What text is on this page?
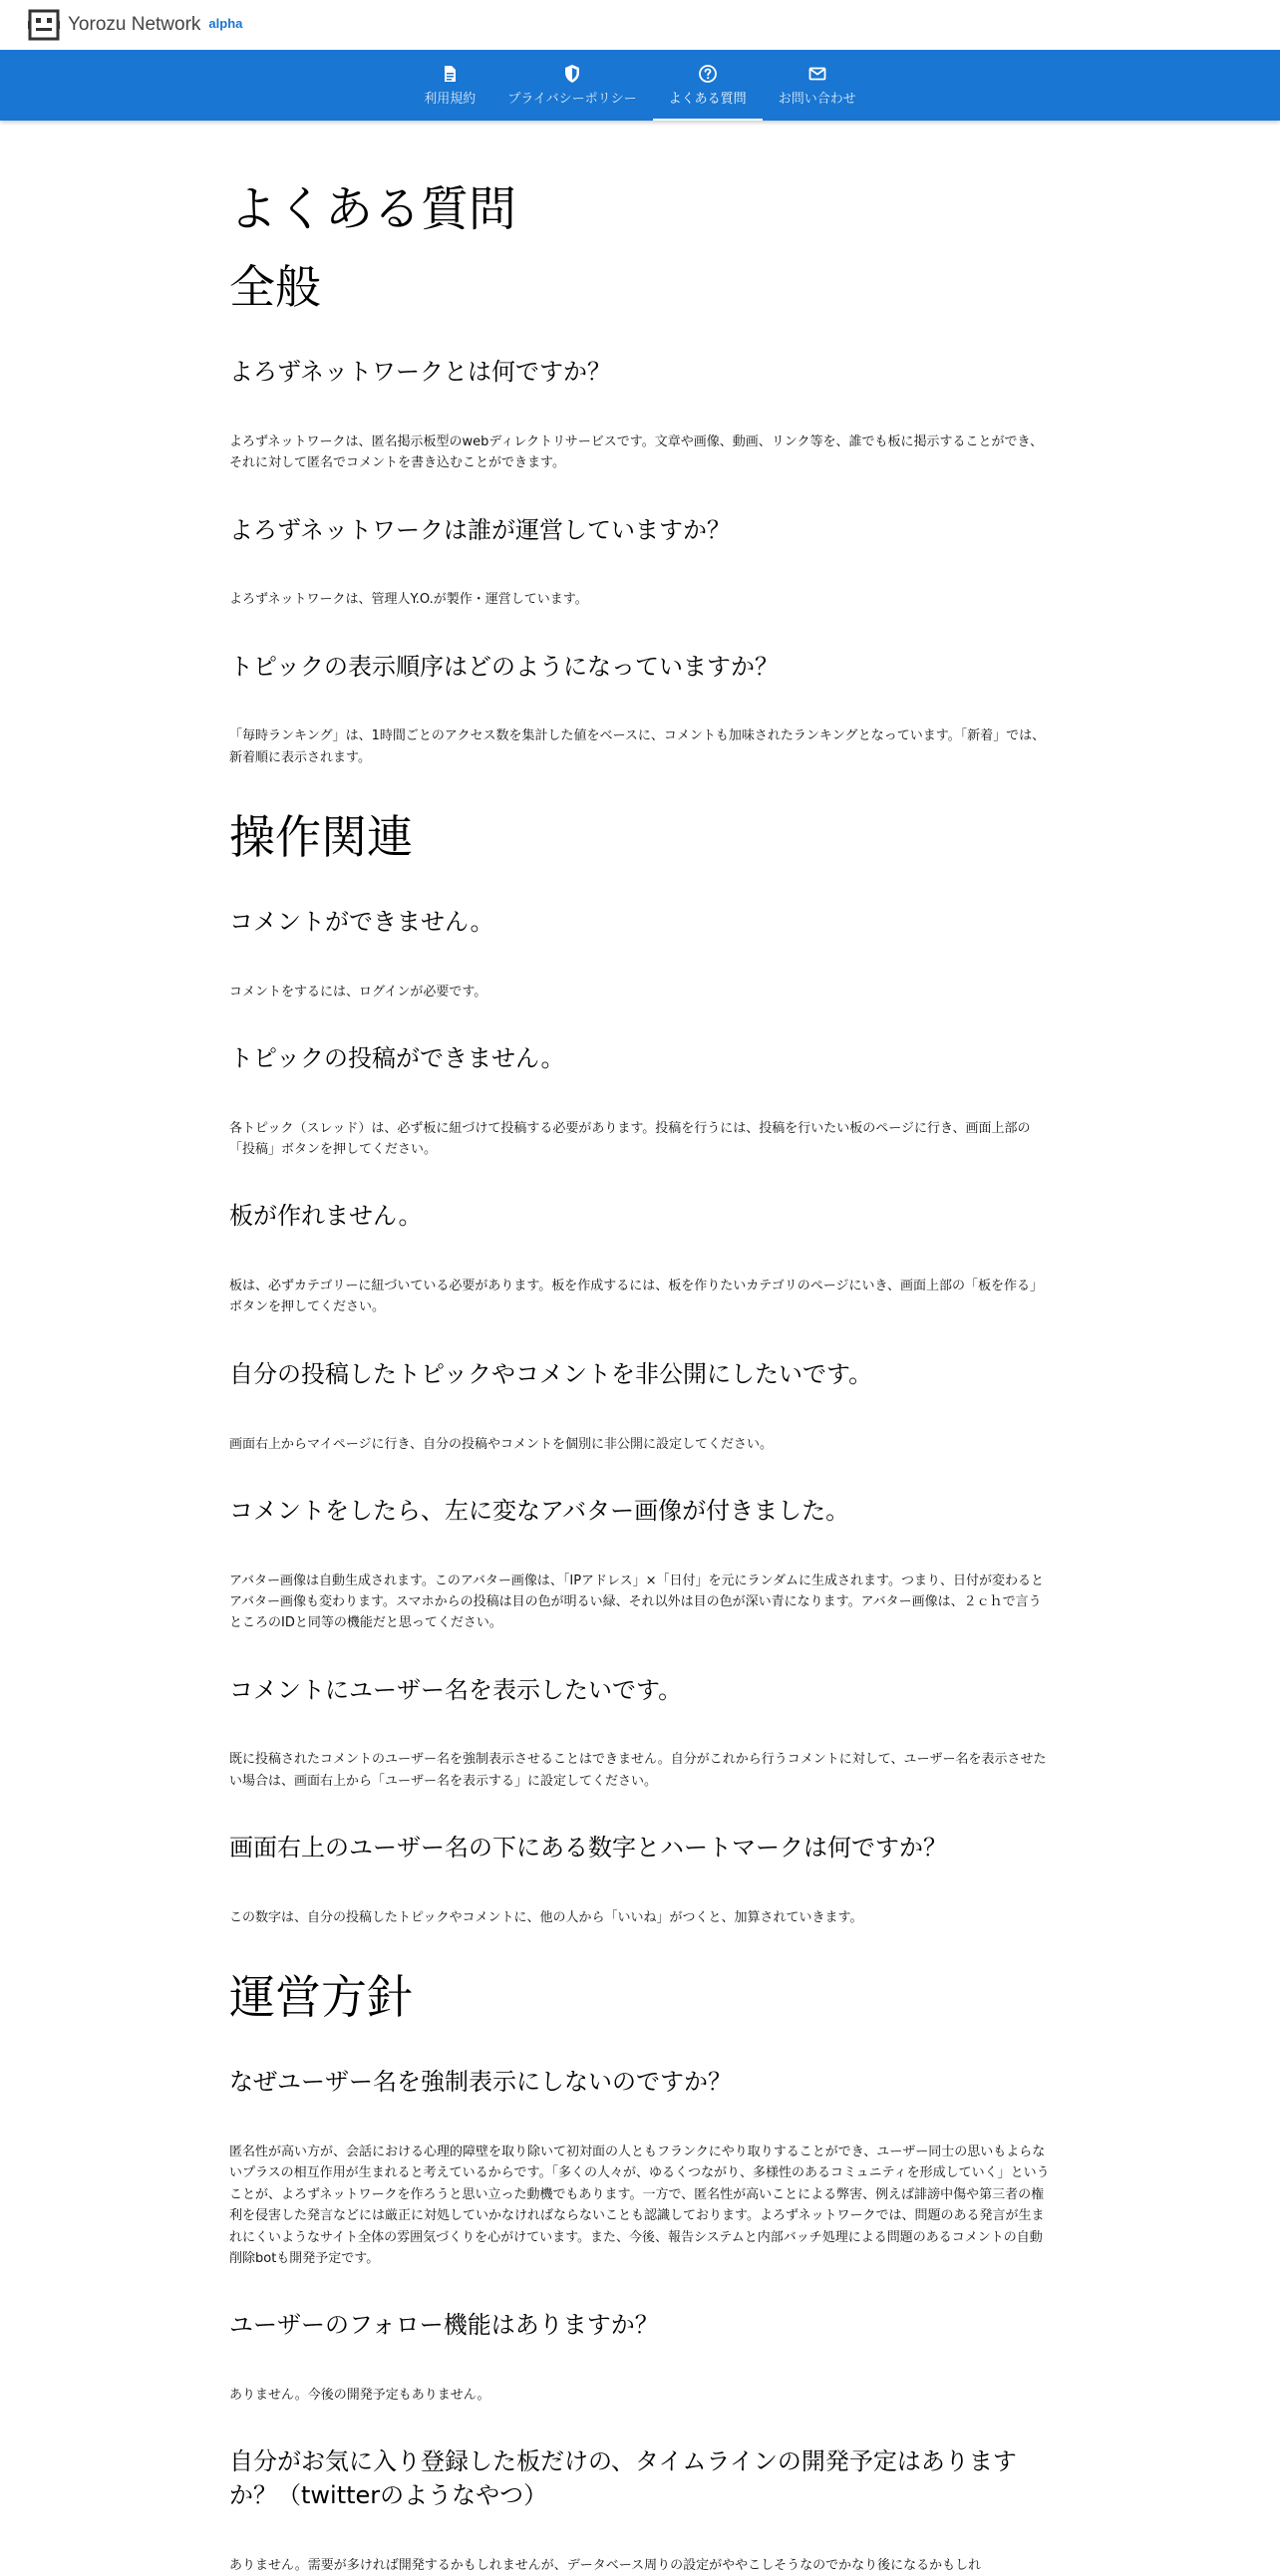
Yorozu Network alpha
利用規約 プライバシーポリシー よくある質問 お問い合わせ
よくある質問
全般
よろずネットワークとは何ですか？

よろずネットワークは、匿名掲示板型のwebディレクトリサービスです。文章や画像、動画、リンク等を、誰でも板に掲示することができ、それに対して匿名でコメントを書き込むことができます。

よろずネットワークは誰が運営していますか？

よろずネットワークは、管理人Y.O.が製作・運営しています。

トピックの表示順序はどのようになっていますか？

「毎時ランキング」は、1時間ごとのアクセス数を集計した値をベースに、コメントも加味されたランキングとなっています。「新着」では、新着順に表示されます。

操作関連
コメントができません。

コメントをするには、ログインが必要です。

トピックの投稿ができません。

各トピック（スレッド）は、必ず板に紐づけて投稿する必要があります。投稿を行うには、投稿を行いたい板のページに行き、画面上部の「投稿」ボタンを押してください。

板が作れません。

板は、必ずカテゴリーに紐づいている必要があります。板を作成するには、板を作りたいカテゴリのページにいき、画面上部の「板を作る」ボタンを押してください。

自分の投稿したトピックやコメントを非公開にしたいです。

画面右上からマイページに行き、自分の投稿やコメントを個別に非公開に設定してください。

コメントをしたら、左に変なアバター画像が付きました。

アバター画像は自動生成されます。このアバター画像は、「IPアドレス」×「日付」を元にランダムに生成されます。つまり、日付が変わるとアバター画像も変わります。スマホからの投稿は目の色が明るい緑、それ以外は目の色が深い青になります。アバター画像は、２ｃｈで言うところのIDと同等の機能だと思ってください。

コメントにユーザー名を表示したいです。

既に投稿されたコメントのユーザー名を強制表示させることはできません。自分がこれから行うコメントに対して、ユーザー名を表示させたい場合は、画面右上から「ユーザー名を表示する」に設定してください。

画面右上のユーザー名の下にある数字とハートマークは何ですか？

この数字は、自分の投稿したトピックやコメントに、他の人から「いいね」がつくと、加算されていきます。

運営方針
なぜユーザー名を強制表示にしないのですか？

匿名性が高い方が、会話における心理的障壁を取り除いて初対面の人ともフランクにやり取りすることができ、ユーザー同士の思いもよらないプラスの相互作用が生まれると考えているからです。「多くの人々が、ゆるくつながり、多様性のあるコミュニティを形成していく」ということが、よろずネットワークを作ろうと思い立った動機でもあります。一方で、匿名性が高いことによる弊害、例えば誹謗中傷や第三者の権利を侵害した発言などには厳正に対処していかなければならないことも認識しております。よろずネットワークでは、問題のある発言が生まれにくいようなサイト全体の雰囲気づくりを心がけています。また、今後、報告システムと内部バッチ処理による問題のあるコメントの自動削除botも開発予定です。

ユーザーのフォロー機能はありますか？

ありません。今後の開発予定もありません。

自分がお気に入り登録した板だけの、タイムラインの開発予定はありますか？（twitterのようなやつ）

ありません。需要が多ければ開発するかもしれませんが、データベース周りの設定がややこしそうなのでかなり後になるかもしれ
